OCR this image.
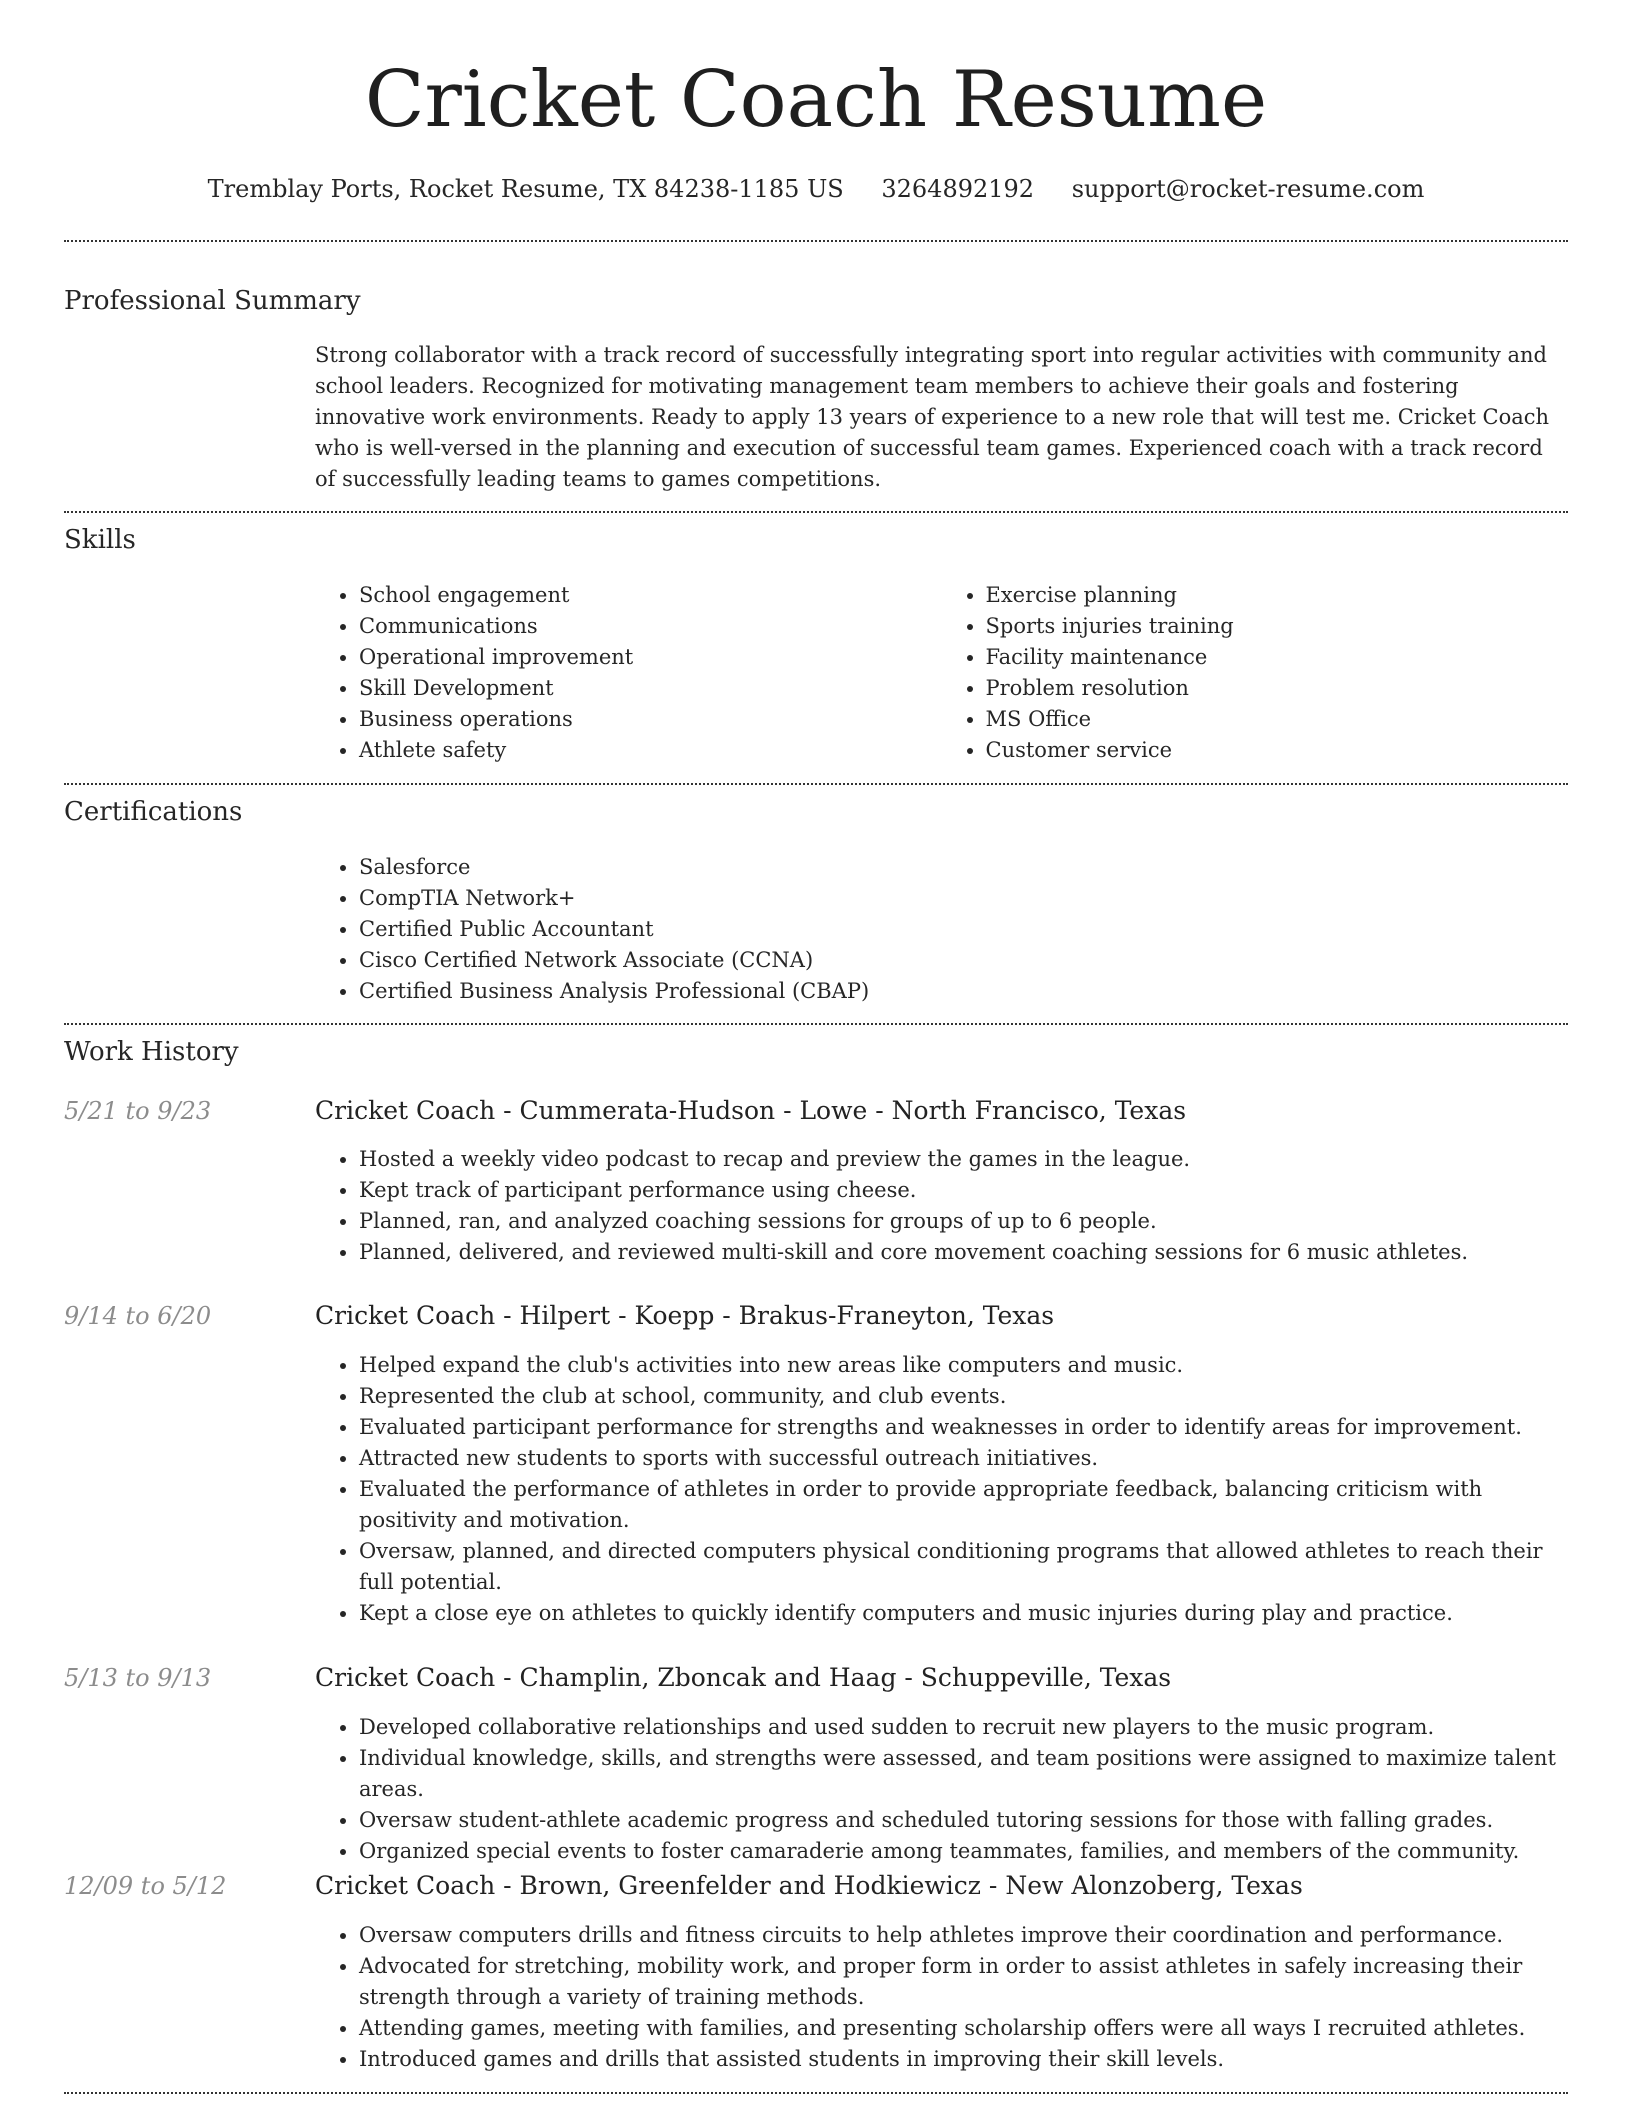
Cricket Coach Resume
Tremblay Ports, Rocket Resume, TX 84238-1185 US 3264892192 support@rocket-resume.com
Professional Summary

Strong collaborator with a track record of successfully integrating sport into regular activities with community and school leaders. Recognized for motivating management team members to achieve their goals and fostering innovative work environments. Ready to apply 13 years of experience to a new role that will test me. Cricket Coach who is well-versed in the planning and execution of successful team games. Experienced coach with a track record of successfully leading teams to games competitions.

Skills
• School engagement
• Communications
• Operational improvement
• Skill Development
• Business operations
• Athlete safety
• Exercise planning
• Sports injuries training
• Facility maintenance
• Problem resolution
• MS Office
• Customer service
Certifications
• Salesforce
• CompTIA Network+
• Certified Public Accountant
• Cisco Certified Network Associate (CCNA)
• Certified Business Analysis Professional (CBAP)
Work History
5/21 to 9/23	Cricket Coach - Cummerata-Hudson - Lowe - North Francisco, Texas
• Hosted a weekly video podcast to recap and preview the games in the league.
• Kept track of participant performance using cheese.
• Planned, ran, and analyzed coaching sessions for groups of up to 6 people.
• Planned, delivered, and reviewed multi-skill and core movement coaching sessions for 6 music athletes.
9/14 to 6/20	Cricket Coach - Hilpert - Koepp - Brakus-Franeyton, Texas
• Helped expand the club's activities into new areas like computers and music.
• Represented the club at school, community, and club events.
• Evaluated participant performance for strengths and weaknesses in order to identify areas for improvement.
• Attracted new students to sports with successful outreach initiatives.
• Evaluated the performance of athletes in order to provide appropriate feedback, balancing criticism with positivity and motivation.
• Oversaw, planned, and directed computers physical conditioning programs that allowed athletes to reach their full potential.
• Kept a close eye on athletes to quickly identify computers and music injuries during play and practice.
5/13 to 9/13	Cricket Coach - Champlin, Zboncak and Haag - Schuppeville, Texas
• Developed collaborative relationships and used sudden to recruit new players to the music program.
• Individual knowledge, skills, and strengths were assessed, and team positions were assigned to maximize talent areas.
• Oversaw student-athlete academic progress and scheduled tutoring sessions for those with falling grades.
• Organized special events to foster camaraderie among teammates, families, and members of the community.
12/09 to 5/12	Cricket Coach - Brown, Greenfelder and Hodkiewicz - New Alonzoberg, Texas
• Oversaw computers drills and fitness circuits to help athletes improve their coordination and performance.
• Advocated for stretching, mobility work, and proper form in order to assist athletes in safely increasing their strength through a variety of training methods.
• Attending games, meeting with families, and presenting scholarship offers were all ways I recruited athletes.
• Introduced games and drills that assisted students in improving their skill levels.
